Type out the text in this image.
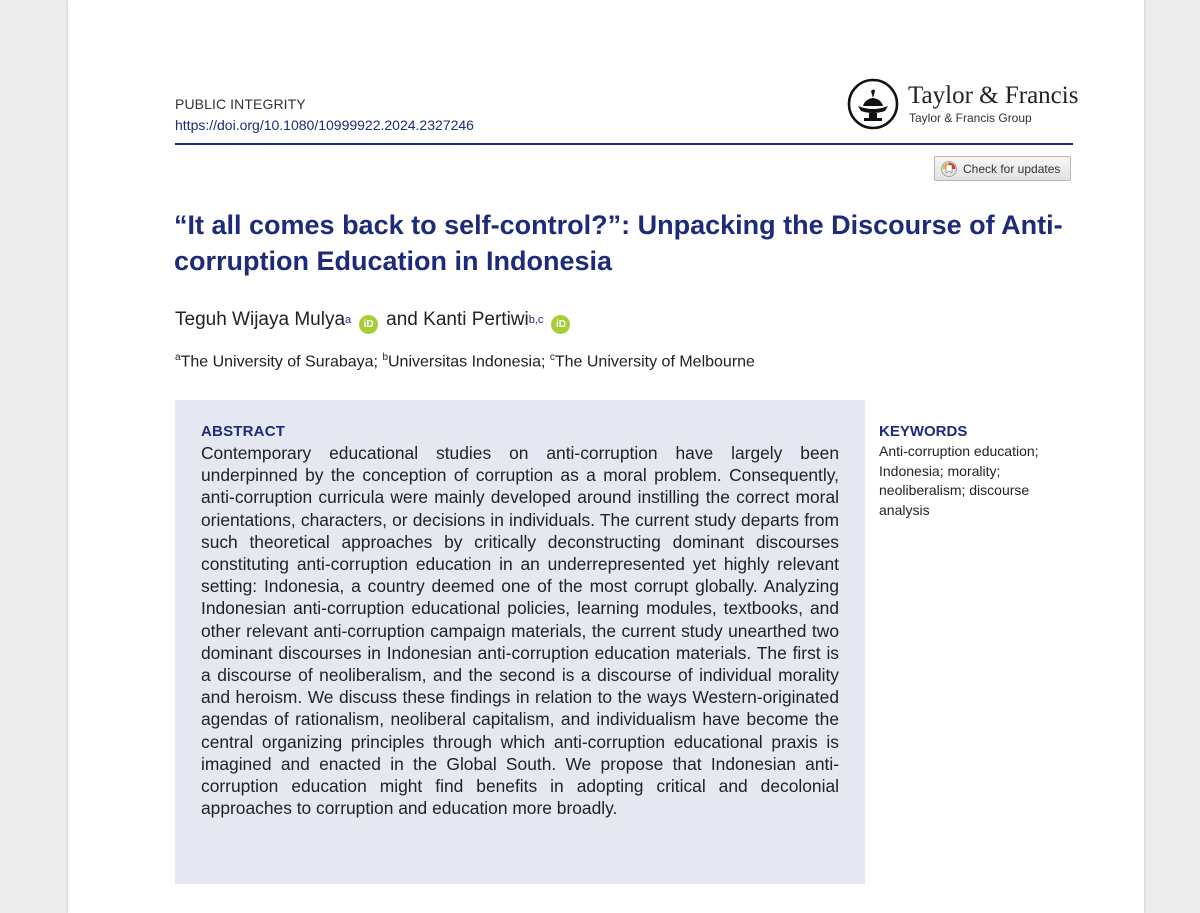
PUBLIC INTEGRITY
https://doi.org/10.1080/10999922.2024.2327246
Taylor & Francis
Taylor & Francis Group
Check for updates
“It all comes back to self-control?”: Unpacking the Discourse of Anti-corruption Education in Indonesia
Teguh Wijaya Mulya$^a$	iD and
Kanti Pertiwi$^{b,c}$	iD
$^a$The University of Surabaya; $^b$Universitas Indonesia; $^c$The University of Melbourne
ABSTRACT

Contemporary educational studies on anti-corruption have largely been underpinned by the conception of corruption as a moral problem. Consequently, anti-corruption curricula were mainly developed around instilling the correct moral orientations, characters, or decisions in individuals. The current study departs from such theoretical approaches by critically deconstructing dominant discourses constituting anti-corruption education in an underrepresented yet highly relevant setting: Indonesia, a country deemed one of the most corrupt globally. Analyzing Indonesian anti-corruption educational policies, learning modules, textbooks, and other relevant anti-corruption campaign materials, the current study unearthed two dominant discourses in Indonesian anti-corruption education materials. The first is a discourse of neoliberalism, and the second is a discourse of individual morality and heroism. We discuss these findings in relation to the ways Western-originated agendas of rationalism, neoliberal capitalism, and individualism have become the central organizing principles through which anti-corruption educational praxis is imagined and enacted in the Global South. We propose that Indonesian anti-corruption education might find benefits in adopting critical and decolonial approaches to corruption and education more broadly.

KEYWORDS
Anti-corruption education;
Indonesia; morality;
neoliberalism; discourse
analysis
